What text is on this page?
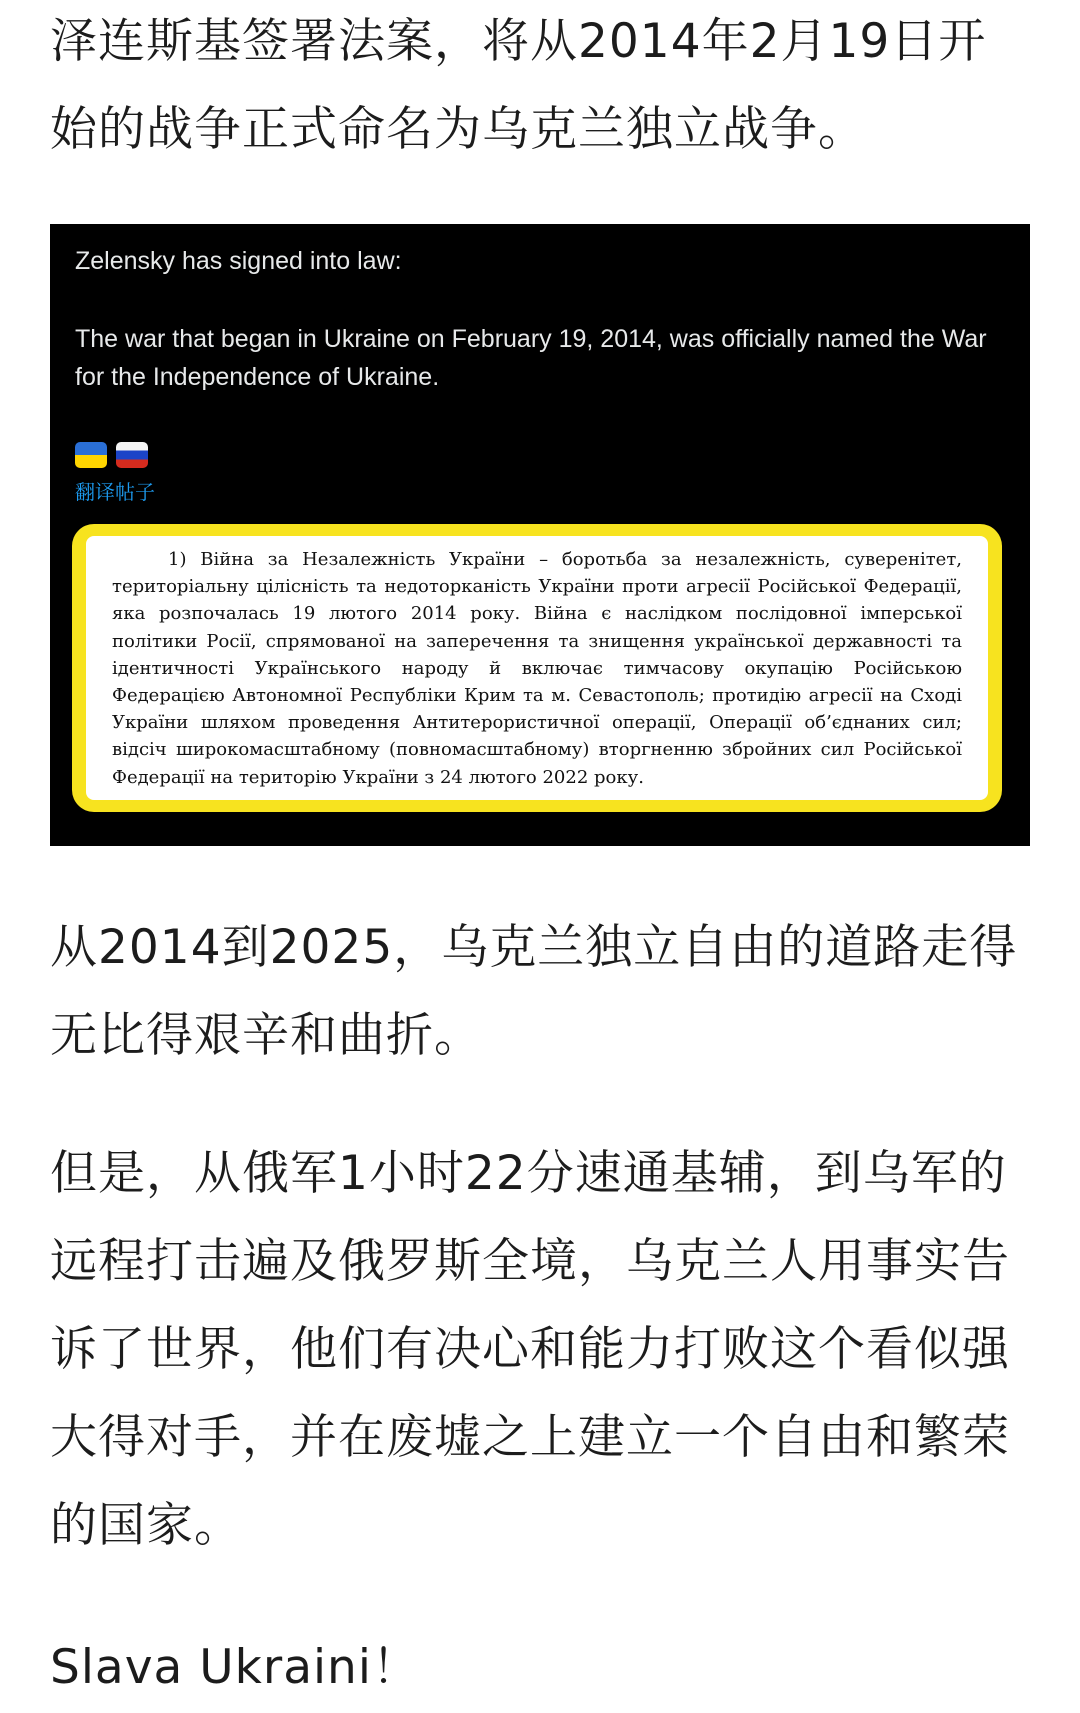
泽连斯基签署法案，将从2014年2月19日开始的战争正式命名为乌克兰独立战争。

Zelensky has signed into law:

The war that began in Ukraine on February 19, 2014, was officially named the War for the Independence of Ukraine.

翻译帖子

1) Війна за Незалежність України – боротьба за незалежність, суверенітет, територіальну цілісність та недоторканість України проти агресії Російської Федерації, яка розпочалась 19 лютого 2014 року. Війна є наслідком послідовної імперської політики Росії, спрямованої на заперечення та знищення української державності та ідентичності Українського народу й включає тимчасову окупацію Російською Федерацією Автономної Республіки Крим та м. Севастополь; протидію агресії на Сході України шляхом проведення Антитерористичної операції, Операції об’єднаних сил; відсіч широкомасштабному (повномасштабному) вторгненню збройних сил Російської Федерації на територію України з 24 лютого 2022 року.

从2014到2025，乌克兰独立自由的道路走得无比得艰辛和曲折。

但是，从俄军1小时22分速通基辅，到乌军的远程打击遍及俄罗斯全境，乌克兰人用事实告诉了世界，他们有决心和能力打败这个看似强大得对手，并在废墟之上建立一个自由和繁荣的国家。

Slava Ukraini！
